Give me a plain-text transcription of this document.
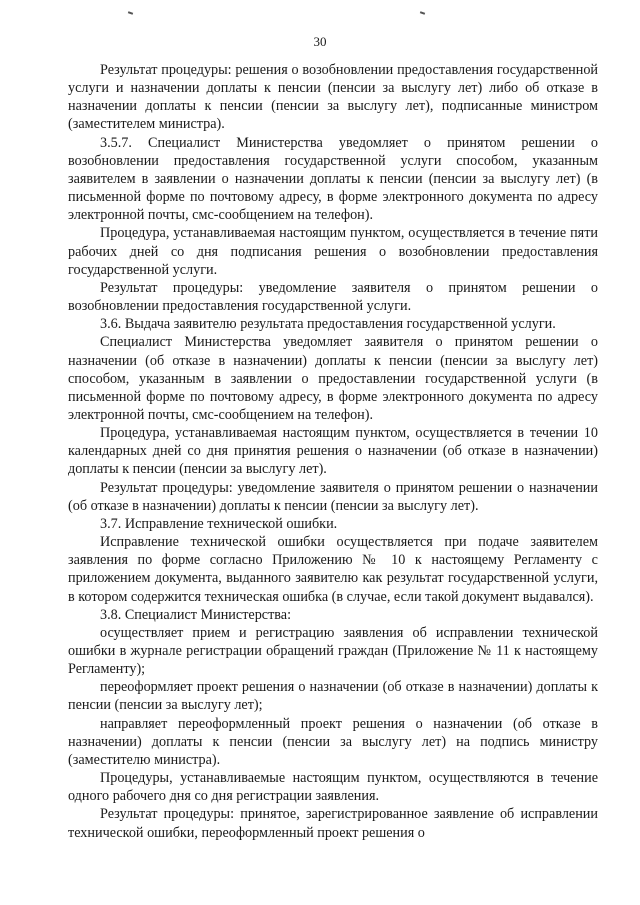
30

Результат процедуры: решения о возобновлении предоставления государственной услуги и назначении доплаты к пенсии (пенсии за выслугу лет) либо об отказе в назначении доплаты к пенсии (пенсии за выслугу лет), подписанные министром (заместителем министра).

3.5.7. Специалист Министерства уведомляет о принятом решении о возобновлении предоставления государственной услуги способом, указанным заявителем в заявлении о назначении доплаты к пенсии (пенсии за выслугу лет) (в письменной форме по почтовому адресу, в форме электронного документа по адресу электронной почты, смс-сообщением на телефон).

Процедура, устанавливаемая настоящим пунктом, осуществляется в течение пяти рабочих дней со дня подписания решения о возобновлении предоставления государственной услуги.

Результат процедуры: уведомление заявителя о принятом решении о возобновлении предоставления государственной услуги.

3.6. Выдача заявителю результата предоставления государственной услуги.

Специалист Министерства уведомляет заявителя о принятом решении о назначении (об отказе в назначении) доплаты к пенсии (пенсии за выслугу лет) способом, указанным в заявлении о предоставлении государственной услуги (в письменной форме по почтовому адресу, в форме электронного документа по адресу электронной почты, смс-сообщением на телефон).

Процедура, устанавливаемая настоящим пунктом, осуществляется в течении 10 календарных дней со дня принятия решения о назначении (об отказе в назначении) доплаты к пенсии (пенсии за выслугу лет).

Результат процедуры: уведомление заявителя о принятом решении о назначении (об отказе в назначении) доплаты к пенсии (пенсии за выслугу лет).

3.7. Исправление технической ошибки.

Исправление технической ошибки осуществляется при подаче заявителем заявления по форме согласно Приложению № 10 к настоящему Регламенту с приложением документа, выданного заявителю как результат государственной услуги, в котором содержится техническая ошибка (в случае, если такой документ выдавался).

3.8. Специалист Министерства:

осуществляет прием и регистрацию заявления об исправлении технической ошибки в журнале регистрации обращений граждан (Приложение № 11 к настоящему Регламенту);

переоформляет проект решения о назначении (об отказе в назначении) доплаты к пенсии (пенсии за выслугу лет);

направляет переоформленный проект решения о назначении (об отказе в назначении) доплаты к пенсии (пенсии за выслугу лет) на подпись министру (заместителю министра).

Процедуры, устанавливаемые настоящим пунктом, осуществляются в течение одного рабочего дня со дня регистрации заявления.

Результат процедуры: принятое, зарегистрированное заявление об исправлении технической ошибки, переоформленный проект решения о
